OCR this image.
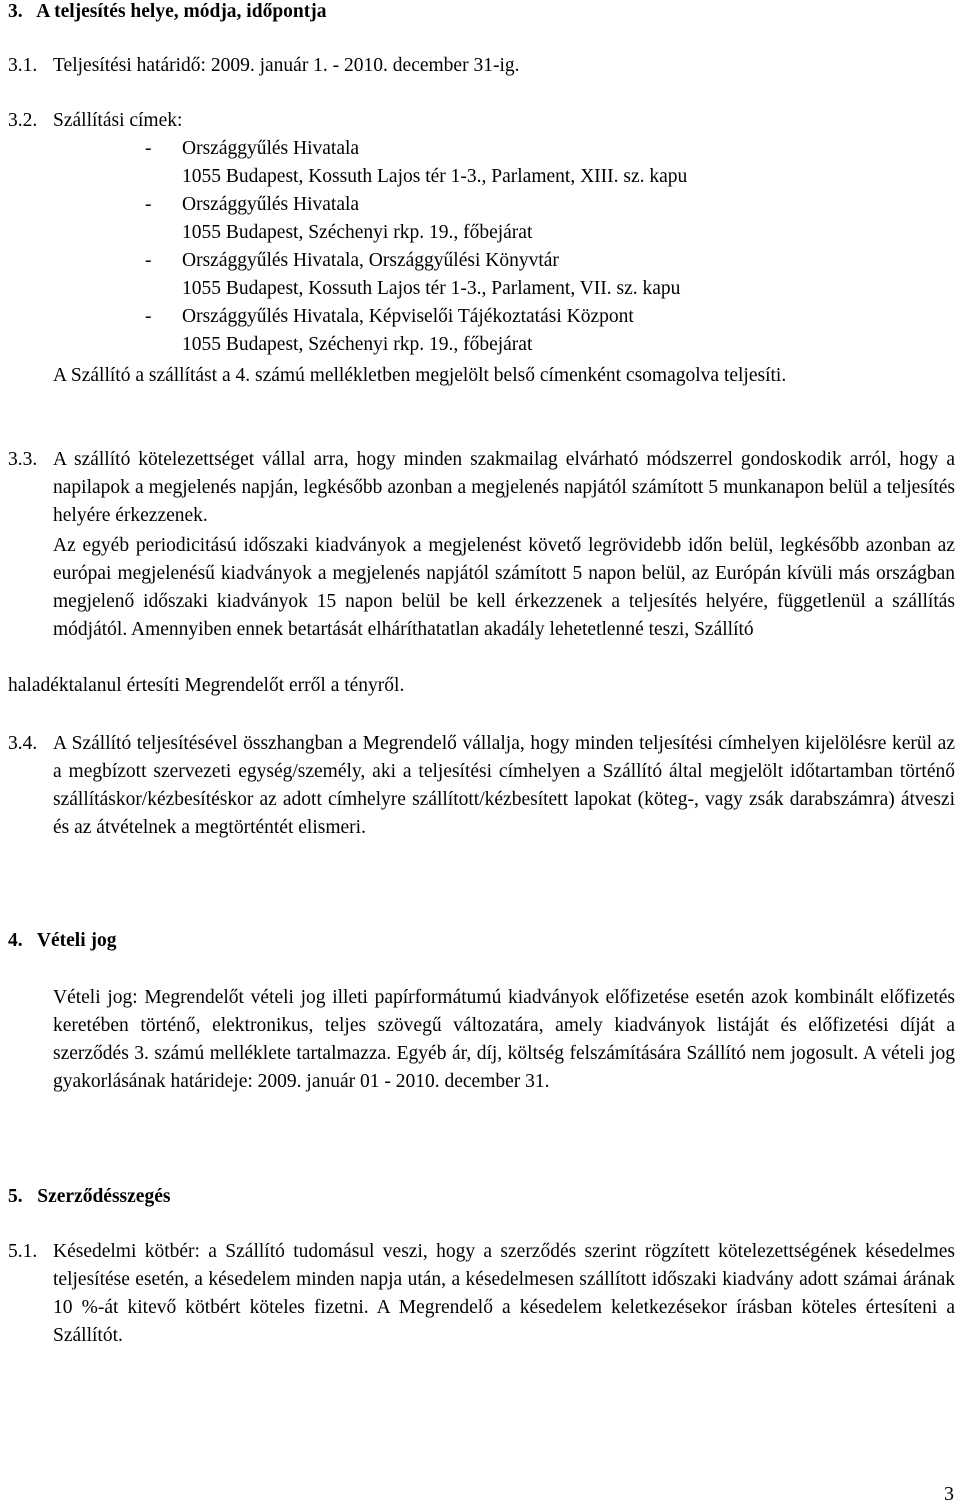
3. A teljesítés helye, módja, időpontja
3.1. Teljesítési határidő: 2009. január 1. - 2010. december 31-ig.
3.2. Szállítási címek:
- Országgyűlés Hivatala
1055 Budapest, Kossuth Lajos tér 1-3., Parlament, XIII. sz. kapu
- Országgyűlés Hivatala
1055 Budapest, Széchenyi rkp. 19., főbejárat
- Országgyűlés Hivatala, Országgyűlési Könyvtár
1055 Budapest, Kossuth Lajos tér 1-3., Parlament, VII. sz. kapu
- Országgyűlés Hivatala, Képviselői Tájékoztatási Központ
1055 Budapest, Széchenyi rkp. 19., főbejárat

A Szállító a szállítást a 4. számú mellékletben megjelölt belső címenként csomagolva teljesíti.

3.3. A szállító kötelezettséget vállal arra, hogy minden szakmailag elvárható módszerrel gondoskodik arról, hogy a napilapok a megjelenés napján, legkésőbb azonban a megjelenés napjától számított 5 munkanapon belül a teljesítés helyére érkezzenek.

Az egyéb periodicitású időszaki kiadványok a megjelenést követő legrövidebb időn belül, legkésőbb azonban az európai megjelenésű kiadványok a megjelenés napjától számított 5 napon belül, az Európán kívüli más országban megjelenő időszaki kiadványok 15 napon belül be kell érkezzenek a teljesítés helyére, függetlenül a szállítás módjától. Amennyiben ennek betartását elháríthatatlan akadály lehetetlenné teszi, Szállító

haladéktalanul értesíti Megrendelőt erről a tényről.

3.4. A Szállító teljesítésével összhangban a Megrendelő vállalja, hogy minden teljesítési címhelyen kijelölésre kerül az a megbízott szervezeti egység/személy, aki a teljesítési címhelyen a Szállító által megjelölt időtartamban történő szállításkor/kézbesítéskor az adott címhelyre szállított/kézbesített lapokat (köteg-, vagy zsák darabszámra) átveszi és az átvételnek a megtörténtét elismeri.

4. Vételi jog

Vételi jog: Megrendelőt vételi jog illeti papírformátumú kiadványok előfizetése esetén azok kombinált előfizetés keretében történő, elektronikus, teljes szövegű változatára, amely kiadványok listáját és előfizetési díját a szerződés 3. számú melléklete tartalmazza. Egyéb ár, díj, költség felszámítására Szállító nem jogosult. A vételi jog gyakorlásának határideje: 2009. január 01 - 2010. december 31.

5. Szerződésszegés
5.1. Késedelmi kötbér: a Szállító tudomásul veszi, hogy a szerződés szerint rögzített kötelezettségének késedelmes teljesítése esetén, a késedelem minden napja után, a késedelmesen szállított időszaki kiadvány adott számai árának 10 %-át kitevő kötbért köteles fizetni. A Megrendelő a késedelem keletkezésekor írásban köteles értesíteni a Szállítót.

3
